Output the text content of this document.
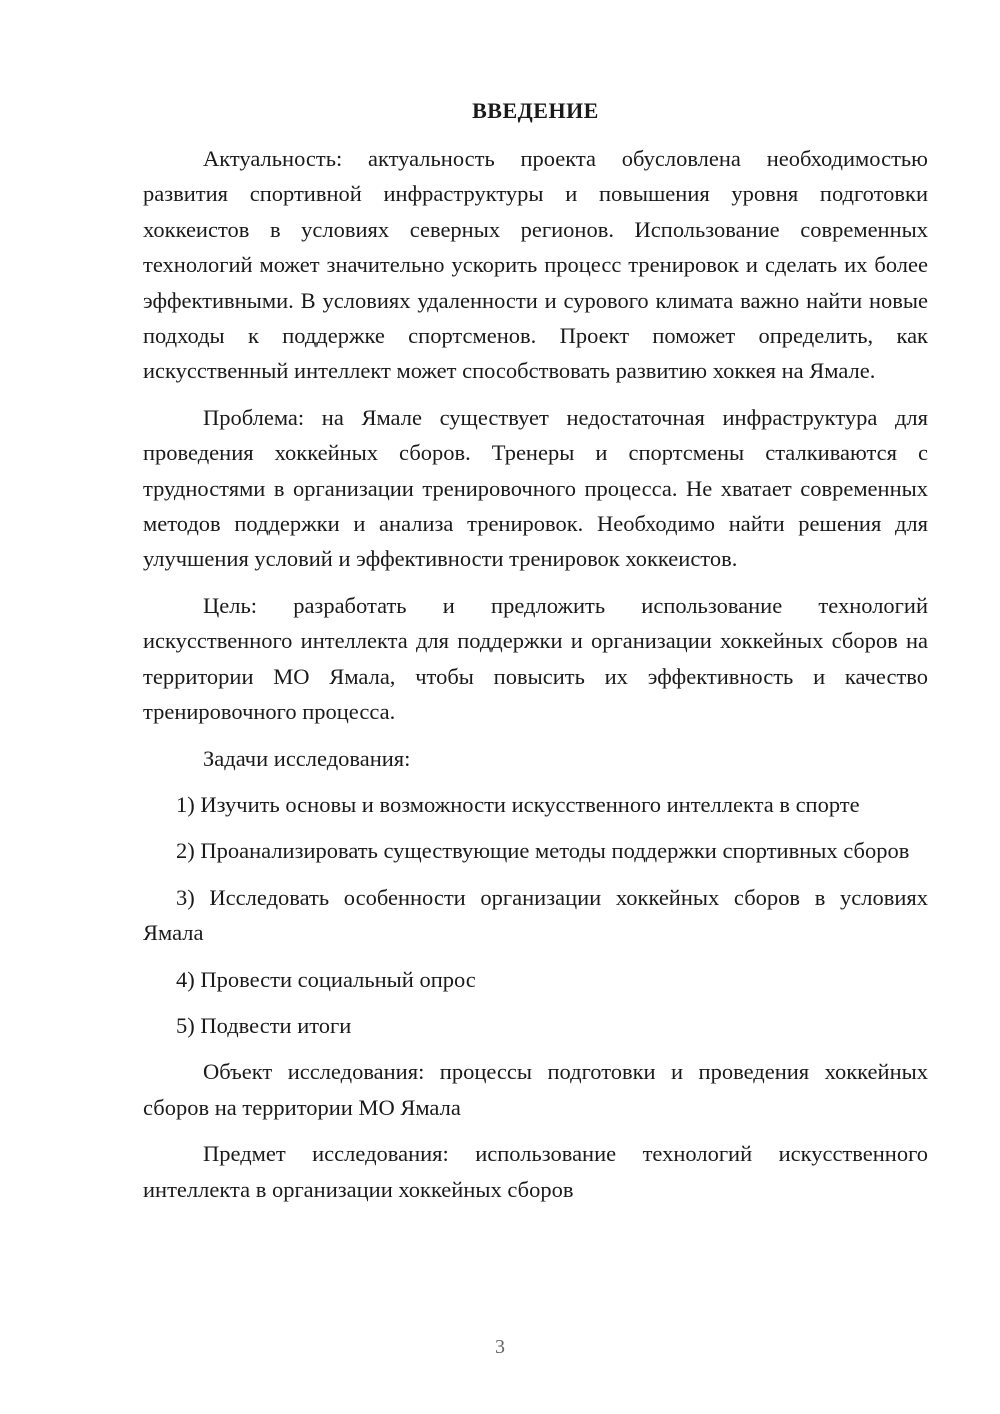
ВВЕДЕНИЕ

Актуальность: актуальность проекта обусловлена необходимостью развития спортивной инфраструктуры и повышения уровня подготовки хоккеистов в условиях северных регионов. Использование современных технологий может значительно ускорить процесс тренировок и сделать их более эффективными. В условиях удаленности и сурового климата важно найти новые подходы к поддержке спортсменов. Проект поможет определить, как искусственный интеллект может способствовать развитию хоккея на Ямале.

Проблема: на Ямале существует недостаточная инфраструктура для проведения хоккейных сборов. Тренеры и спортсмены сталкиваются с трудностями в организации тренировочного процесса. Не хватает современных методов поддержки и анализа тренировок. Необходимо найти решения для улучшения условий и эффективности тренировок хоккеистов.

Цель: разработать и предложить использование технологий искусственного интеллекта для поддержки и организации хоккейных сборов на территории МО Ямала, чтобы повысить их эффективность и качество тренировочного процесса.

Задачи исследования:

1) Изучить основы и возможности искусственного интеллекта в спорте

2) Проанализировать существующие методы поддержки спортивных сборов

3) Исследовать особенности организации хоккейных сборов в условиях Ямала

4) Провести социальный опрос

5) Подвести итоги

Объект исследования: процессы подготовки и проведения хоккейных сборов на территории МО Ямала

Предмет исследования: использование технологий искусственного интеллекта в организации хоккейных сборов

3
